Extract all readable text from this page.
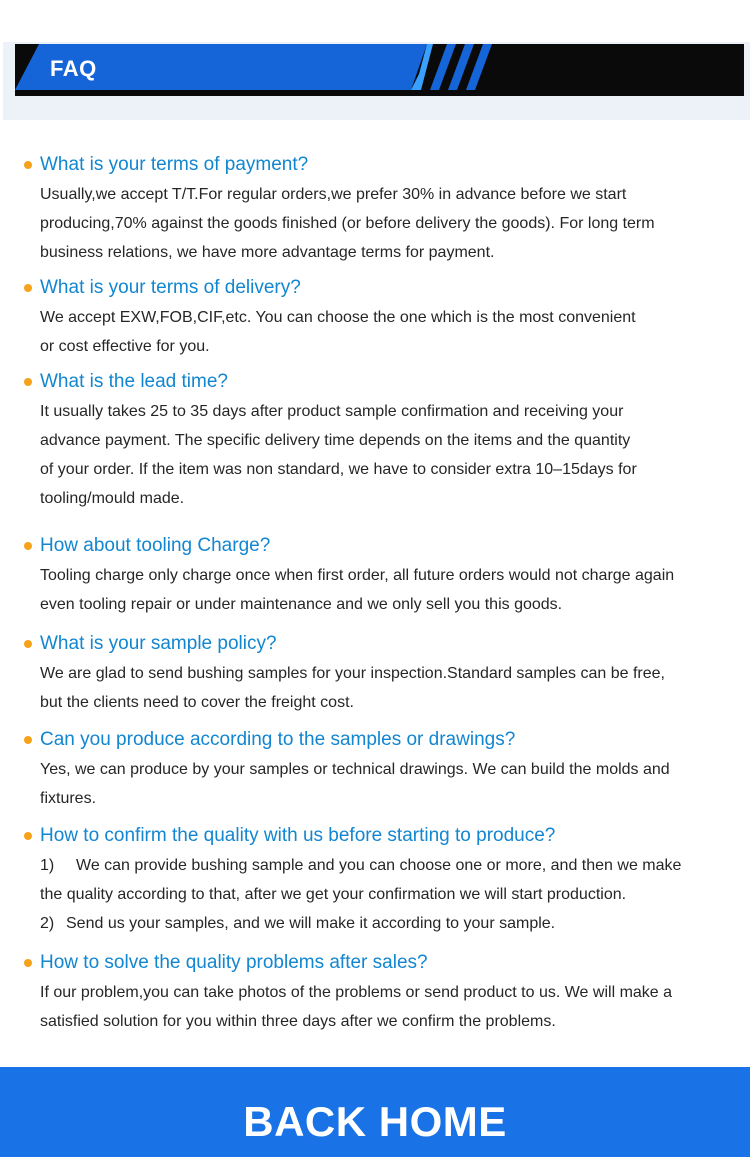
FAQ
What is your terms of payment?

Usually,we accept T/T.For regular orders,we prefer 30% in advance before we start

producing,70% against the goods finished (or before delivery the goods). For long term

business relations, we have more advantage terms for payment.

What is your terms of delivery?

We accept EXW,FOB,CIF,etc. You can choose the one which is the most convenient

or cost effective for you.

What is the lead time?

It usually takes 25 to 35 days after product sample confirmation and receiving your

advance payment. The specific delivery time depends on the items and the quantity

of your order. If the item was non standard, we have to consider extra 10–15days for

tooling/mould made.

How about tooling Charge?

Tooling charge only charge once when first order, all future orders would not charge again

even tooling repair or under maintenance and we only sell you this goods.

What is your sample policy?

We are glad to send bushing samples for your inspection.Standard samples can be free,

but the clients need to cover the freight cost.

Can you produce according to the samples or drawings?

Yes, we can produce by your samples or technical drawings. We can build the molds and

fixtures.

How to confirm the quality with us before starting to produce?

1) We can provide bushing sample and you can choose one or more, and then we make

the quality according to that, after we get your confirmation we will start production.

2) Send us your samples, and we will make it according to your sample.

How to solve the quality problems after sales?

If our problem,you can take photos of the problems or send product to us. We will make a

satisfied solution for you within three days after we confirm the problems.

BACK HOME
